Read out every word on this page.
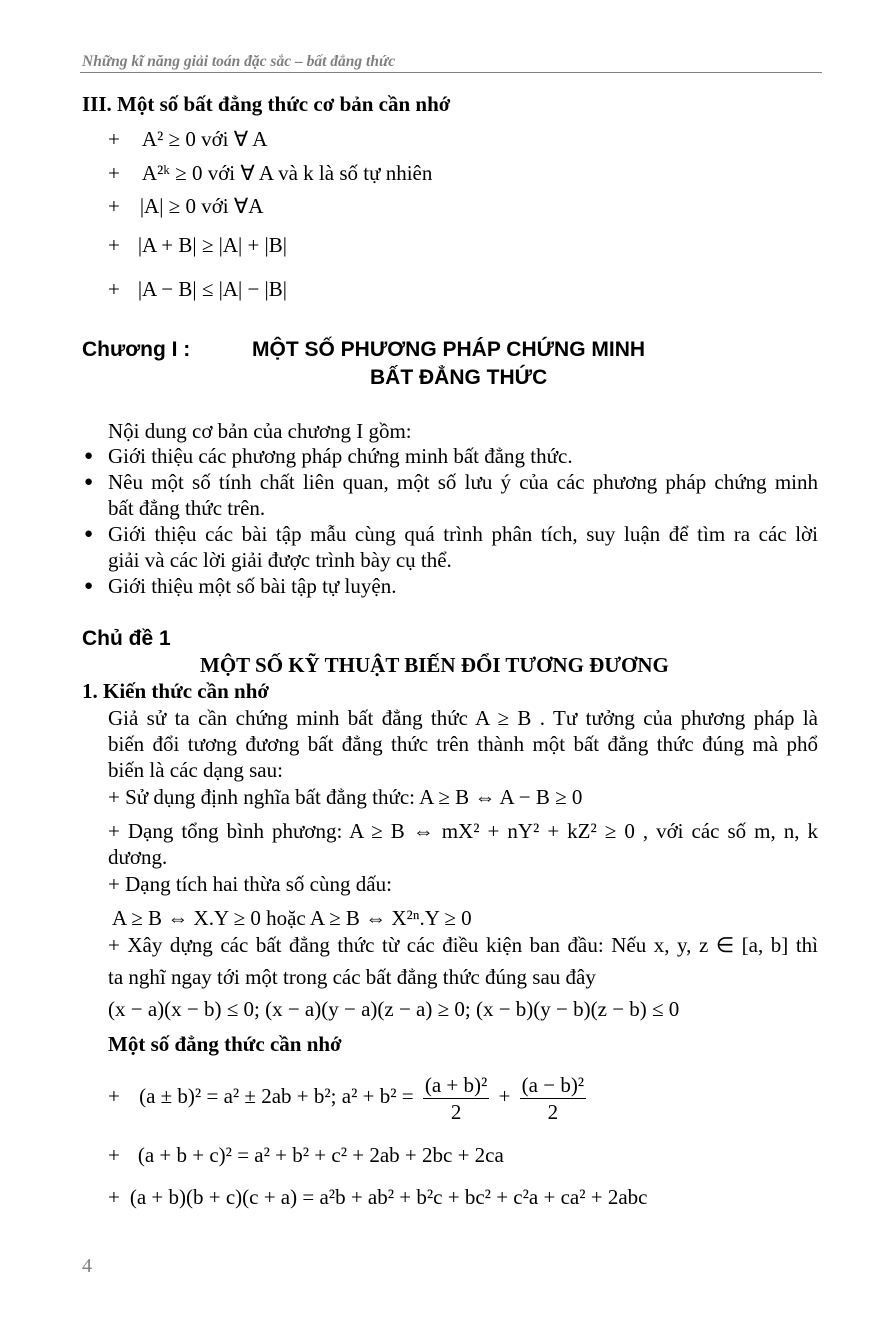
Những kĩ năng giải toán đặc sắc – bất đẳng thức
III. Một số bất đẳng thức cơ bản cần nhớ
+ A² ≥ 0 với ∀ A
+ A²ᵏ ≥ 0 với ∀ A và k là số tự nhiên
+ |A| ≥ 0 với ∀A
+ |A + B| ≥ |A| + |B|
+ |A − B| ≤ |A| − |B|
Chương I :	MỘT SỐ PHƯƠNG PHÁP CHỨNG MINH
BẤT ĐẲNG THỨC
Nội dung cơ bản của chương I gồm:
● Giới thiệu các phương pháp chứng minh bất đẳng thức.
● Nêu một số tính chất liên quan, một số lưu ý của các phương pháp chứng minh
bất đẳng thức trên.
● Giới thiệu các bài tập mẫu cùng quá trình phân tích, suy luận để tìm ra các lời
giải và các lời giải được trình bày cụ thể.
● Giới thiệu một số bài tập tự luyện.
Chủ đề 1
MỘT SỐ KỸ THUẬT BIẾN ĐỔI TƯƠNG ĐƯƠNG
1. Kiến thức cần nhớ
Giả sử ta cần chứng minh bất đẳng thức A ≥ B . Tư tưởng của phương pháp là
biến đổi tương đương bất đẳng thức trên thành một bất đẳng thức đúng mà phổ
biến là các dạng sau:
+ Sử dụng định nghĩa bất đẳng thức: A ≥ B ⇔ A − B ≥ 0
+ Dạng tổng bình phương: A ≥ B ⇔ mX² + nY² + kZ² ≥ 0 , với các số m, n, k
dương.
+ Dạng tích hai thừa số cùng dấu:
A ≥ B ⇔ X.Y ≥ 0 hoặc A ≥ B ⇔ X²ⁿ.Y ≥ 0
+ Xây dựng các bất đẳng thức từ các điều kiện ban đầu: Nếu x, y, z ∈ [a, b] thì
ta nghĩ ngay tới một trong các bất đẳng thức đúng sau đây
(x − a)(x − b) ≤ 0; (x − a)(y − a)(z − a) ≥ 0; (x − b)(y − b)(z − b) ≤ 0
Một số đẳng thức cần nhớ
+ (a ± b)² = a² ± 2ab + b²; $a^2 + b^2 = \frac{\text{(a + b)²}}{2} + \frac{\text{(a − b)²}}{2}$
+ (a + b + c)² = a² + b² + c² + 2ab + 2bc + 2ca
+ (a + b)(b + c)(c + a) = a²b + ab² + b²c + bc² + c²a + ca² + 2abc
4
